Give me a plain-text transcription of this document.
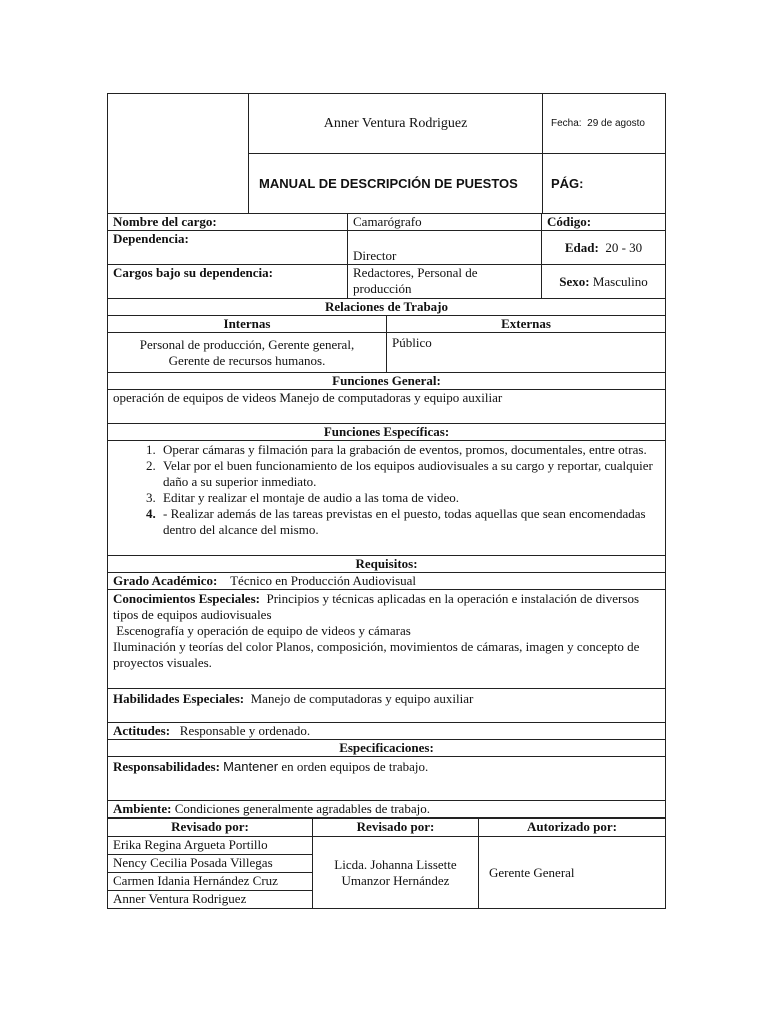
	Anner Ventura Rodriguez	Fecha: 29 de agosto
	MANUAL DE DESCRIPCIÓN DE PUESTOS	PÁG:
Nombre del cargo:	Camarógrafo	Código:
Dependencia:	Director	Edad: 20 - 30
Cargos bajo su dependencia:	Redactores, Personal de producción	Sexo: Masculino
Relaciones de Trabajo	
Internas	Externas
Personal de producción, Gerente general, Gerente de recursos humanos.	Público
Funciones General:
operación de equipos de videos Manejo de computadoras y equipo auxiliar
Funciones Específicas:

1. Operar cámaras y filmación para la grabación de eventos, promos, documentales, entre otras.
2. Velar por el buen funcionamiento de los equipos audiovisuales a su cargo y reportar, cualquier daño a su superior inmediato.
3. Editar y realizar el montaje de audio a las toma de video.
4. - Realizar además de las tareas previstas en el puesto, todas aquellas que sean encomendadas dentro del alcance del mismo.
Requisitos:
Grado Académico: Técnico en Producción Audiovisual
Conocimientos Especiales: Principios y técnicas aplicadas en la operación e instalación de diversos tipos de equipos audiovisuales
Escenografía y operación de equipo de videos y cámaras
Iluminación y teorías del color Planos, composición, movimientos de cámaras, imagen y concepto de proyectos visuales.
Habilidades Especiales: Manejo de computadoras y equipo auxiliar
Actitudes: Responsable y ordenado.
Especificaciones:
Responsabilidades: Mantener en orden equipos de trabajo.
Ambiente: Condiciones generalmente agradables de trabajo.
Revisado por:	Revisado por:	Autorizado por:
Erika Regina Argueta Portillo	Licda. Johanna Lissette Umanzor Hernández	Gerente General
Nency Cecilia Posada Villegas		
Carmen Idania Hernández Cruz		
Anner Ventura Rodriguez		
